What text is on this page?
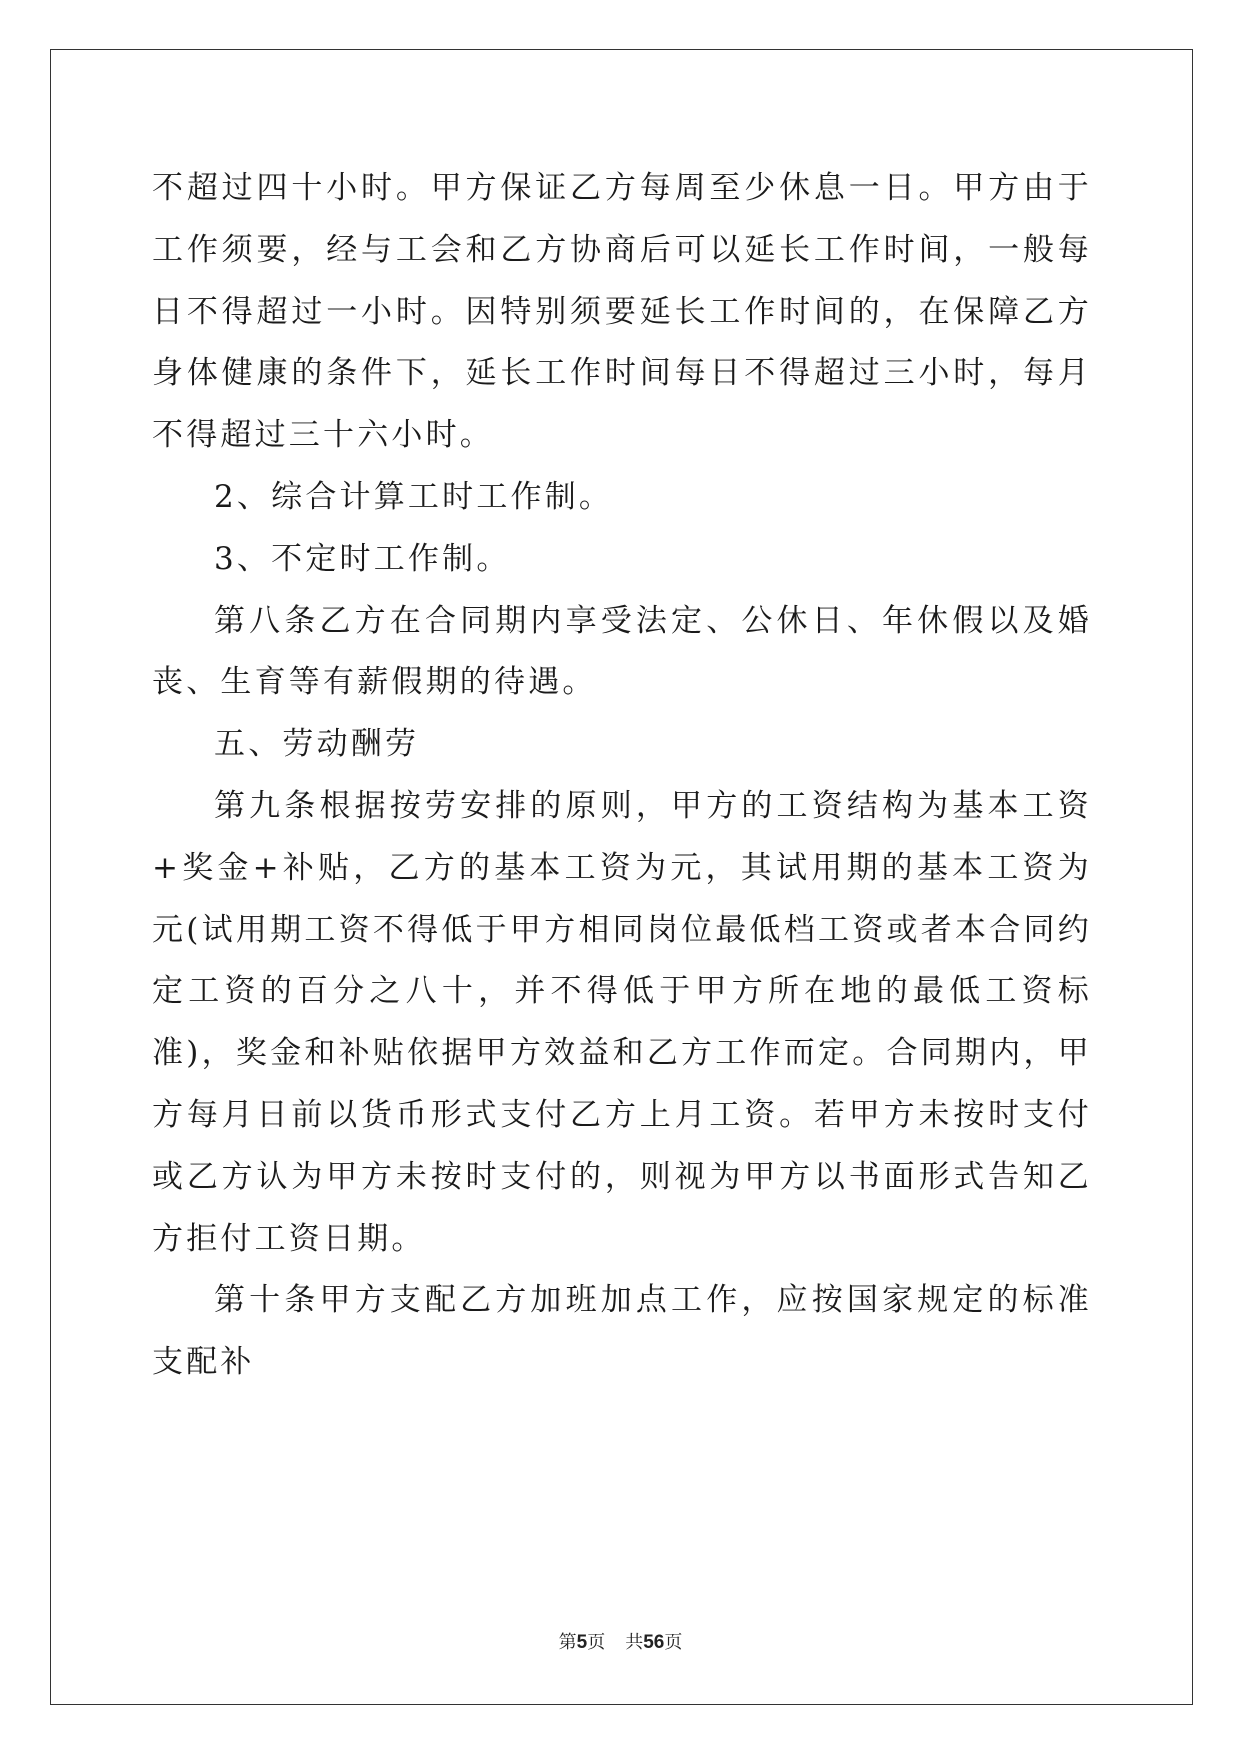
不超过四十小时。甲方保证乙方每周至少休息一日。甲方由于工作须要，经与工会和乙方协商后可以延长工作时间，一般每日不得超过一小时。因特别须要延长工作时间的，在保障乙方身体健康的条件下，延长工作时间每日不得超过三小时，每月不得超过三十六小时。

2、综合计算工时工作制。

3、不定时工作制。

第八条乙方在合同期内享受法定、公休日、年休假以及婚丧、生育等有薪假期的待遇。

五、劳动酬劳

第九条根据按劳安排的原则，甲方的工资结构为基本工资+奖金+补贴，乙方的基本工资为元，其试用期的基本工资为元(试用期工资不得低于甲方相同岗位最低档工资或者本合同约定工资的百分之八十，并不得低于甲方所在地的最低工资标准)，奖金和补贴依据甲方效益和乙方工作而定。合同期内，甲方每月日前以货币形式支付乙方上月工资。若甲方未按时支付或乙方认为甲方未按时支付的，则视为甲方以书面形式告知乙方拒付工资日期。

第十条甲方支配乙方加班加点工作，应按国家规定的标准支配补

第5页 共56页
